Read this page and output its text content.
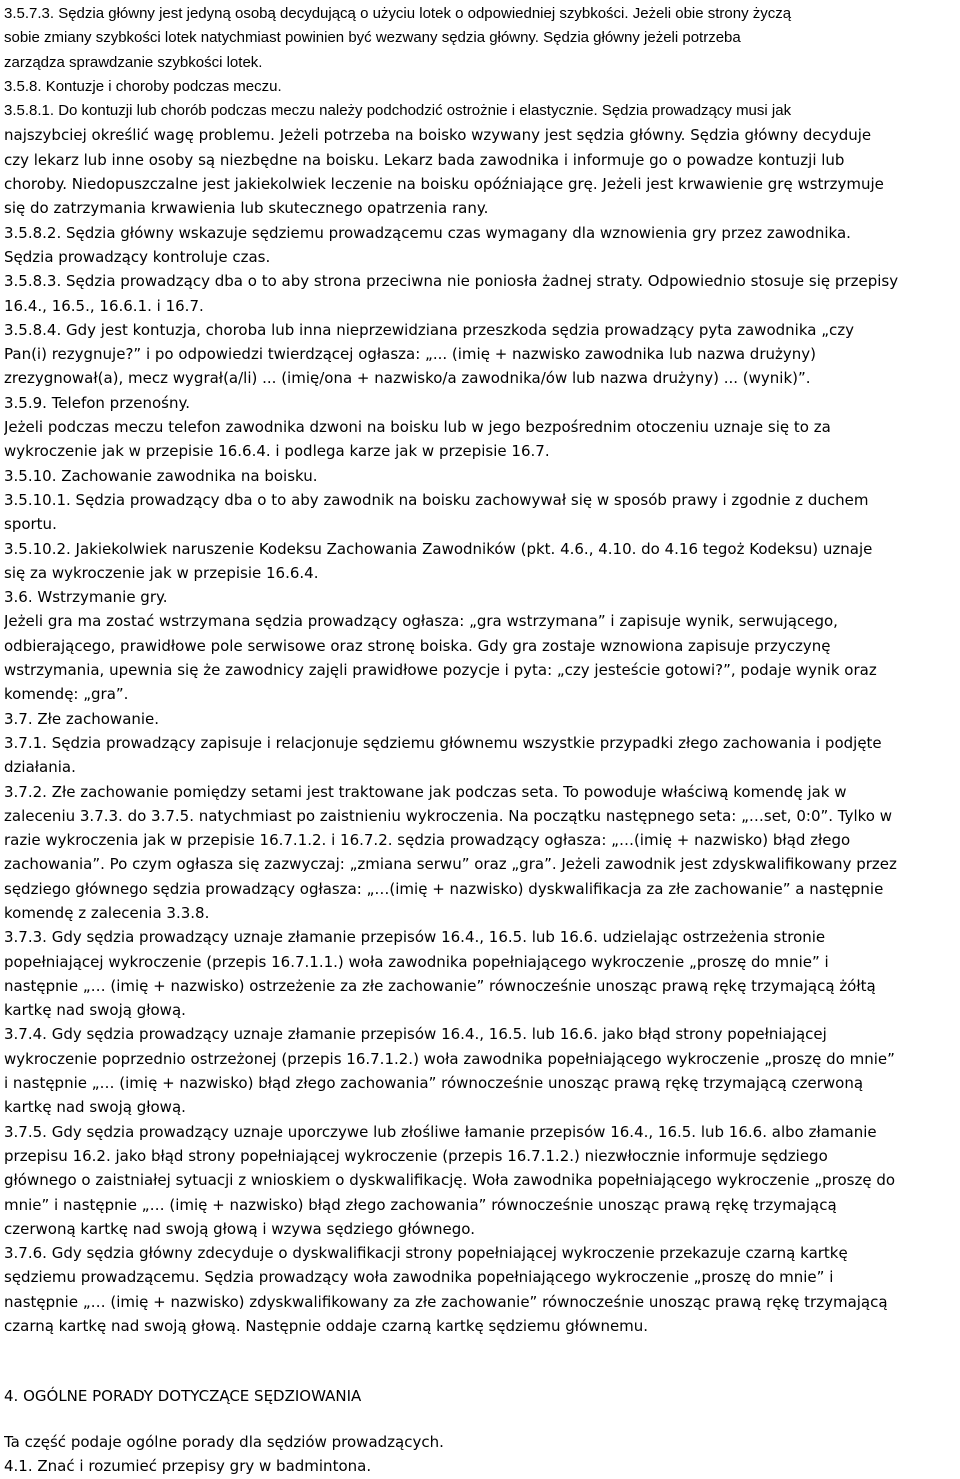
3.5.7.3. Sędzia główny jest jedyną osobą decydującą o użyciu lotek o odpowiedniej szybkości. Jeżeli obie strony życzą
sobie zmiany szybkości lotek natychmiast powinien być wezwany sędzia główny. Sędzia główny jeżeli potrzeba
zarządza sprawdzanie szybkości lotek.
3.5.8. Kontuzje i choroby podczas meczu.
3.5.8.1. Do kontuzji lub chorób podczas meczu należy podchodzić ostrożnie i elastycznie. Sędzia prowadzący musi jak
najszybciej określić wagę problemu. Jeżeli potrzeba na boisko wzywany jest sędzia główny. Sędzia główny decyduje
czy lekarz lub inne osoby są niezbędne na boisku. Lekarz bada zawodnika i informuje go o powadze kontuzji lub
choroby. Niedopuszczalne jest jakiekolwiek leczenie na boisku opóźniające grę. Jeżeli jest krwawienie grę wstrzymuje
się do zatrzymania krwawienia lub skutecznego opatrzenia rany.
3.5.8.2. Sędzia główny wskazuje sędziemu prowadzącemu czas wymagany dla wznowienia gry przez zawodnika.
Sędzia prowadzący kontroluje czas.
3.5.8.3. Sędzia prowadzący dba o to aby strona przeciwna nie poniosła żadnej straty. Odpowiednio stosuje się przepisy
16.4., 16.5., 16.6.1. i 16.7.
3.5.8.4. Gdy jest kontuzja, choroba lub inna nieprzewidziana przeszkoda sędzia prowadzący pyta zawodnika „czy
Pan(i) rezygnuje?” i po odpowiedzi twierdzącej ogłasza: „... (imię + nazwisko zawodnika lub nazwa drużyny)
zrezygnował(a), mecz wygrał(a/li) ... (imię/ona + nazwisko/a zawodnika/ów lub nazwa drużyny) ... (wynik)”.
3.5.9. Telefon przenośny.
Jeżeli podczas meczu telefon zawodnika dzwoni na boisku lub w jego bezpośrednim otoczeniu uznaje się to za
wykroczenie jak w przepisie 16.6.4. i podlega karze jak w przepisie 16.7.
3.5.10. Zachowanie zawodnika na boisku.
3.5.10.1. Sędzia prowadzący dba o to aby zawodnik na boisku zachowywał się w sposób prawy i zgodnie z duchem
sportu.
3.5.10.2. Jakiekolwiek naruszenie Kodeksu Zachowania Zawodników (pkt. 4.6., 4.10. do 4.16 tegoż Kodeksu) uznaje
się za wykroczenie jak w przepisie 16.6.4.
3.6. Wstrzymanie gry.
Jeżeli gra ma zostać wstrzymana sędzia prowadzący ogłasza: „gra wstrzymana” i zapisuje wynik, serwującego,
odbierającego, prawidłowe pole serwisowe oraz stronę boiska. Gdy gra zostaje wznowiona zapisuje przyczynę
wstrzymania, upewnia się że zawodnicy zajęli prawidłowe pozycje i pyta: „czy jesteście gotowi?”, podaje wynik oraz
komendę: „gra”.
3.7. Złe zachowanie.
3.7.1. Sędzia prowadzący zapisuje i relacjonuje sędziemu głównemu wszystkie przypadki złego zachowania i podjęte
działania.
3.7.2. Złe zachowanie pomiędzy setami jest traktowane jak podczas seta. To powoduje właściwą komendę jak w
zaleceniu 3.7.3. do 3.7.5. natychmiast po zaistnieniu wykroczenia. Na początku następnego seta: „…set, 0:0”. Tylko w
razie wykroczenia jak w przepisie 16.7.1.2. i 16.7.2. sędzia prowadzący ogłasza: „…(imię + nazwisko) błąd złego
zachowania”. Po czym ogłasza się zazwyczaj: „zmiana serwu” oraz „gra”. Jeżeli zawodnik jest zdyskwalifikowany przez
sędziego głównego sędzia prowadzący ogłasza: „…(imię + nazwisko) dyskwalifikacja za złe zachowanie” a następnie
komendę z zalecenia 3.3.8.
3.7.3. Gdy sędzia prowadzący uznaje złamanie przepisów 16.4., 16.5. lub 16.6. udzielając ostrzeżenia stronie
popełniającej wykroczenie (przepis 16.7.1.1.) woła zawodnika popełniającego wykroczenie „proszę do mnie” i
następnie „… (imię + nazwisko) ostrzeżenie za złe zachowanie” równocześnie unosząc prawą rękę trzymającą żółtą
kartkę nad swoją głową.
3.7.4. Gdy sędzia prowadzący uznaje złamanie przepisów 16.4., 16.5. lub 16.6. jako błąd strony popełniającej
wykroczenie poprzednio ostrzeżonej (przepis 16.7.1.2.) woła zawodnika popełniającego wykroczenie „proszę do mnie”
i następnie „… (imię + nazwisko) błąd złego zachowania” równocześnie unosząc prawą rękę trzymającą czerwoną
kartkę nad swoją głową.
3.7.5. Gdy sędzia prowadzący uznaje uporczywe lub złośliwe łamanie przepisów 16.4., 16.5. lub 16.6. albo złamanie
przepisu 16.2. jako błąd strony popełniającej wykroczenie (przepis 16.7.1.2.) niezwłocznie informuje sędziego
głównego o zaistniałej sytuacji z wnioskiem o dyskwalifikację. Woła zawodnika popełniającego wykroczenie „proszę do
mnie” i następnie „… (imię + nazwisko) błąd złego zachowania” równocześnie unosząc prawą rękę trzymającą
czerwoną kartkę nad swoją głową i wzywa sędziego głównego.
3.7.6. Gdy sędzia główny zdecyduje o dyskwalifikacji strony popełniającej wykroczenie przekazuje czarną kartkę
sędziemu prowadzącemu. Sędzia prowadzący woła zawodnika popełniającego wykroczenie „proszę do mnie” i
następnie „… (imię + nazwisko) zdyskwalifikowany za złe zachowanie” równocześnie unosząc prawą rękę trzymającą
czarną kartkę nad swoją głową. Następnie oddaje czarną kartkę sędziemu głównemu.
4. OGÓLNE PORADY DOTYCZĄCE SĘDZIOWANIA
Ta część podaje ogólne porady dla sędziów prowadzących.
4.1. Znać i rozumieć przepisy gry w badmintona.
